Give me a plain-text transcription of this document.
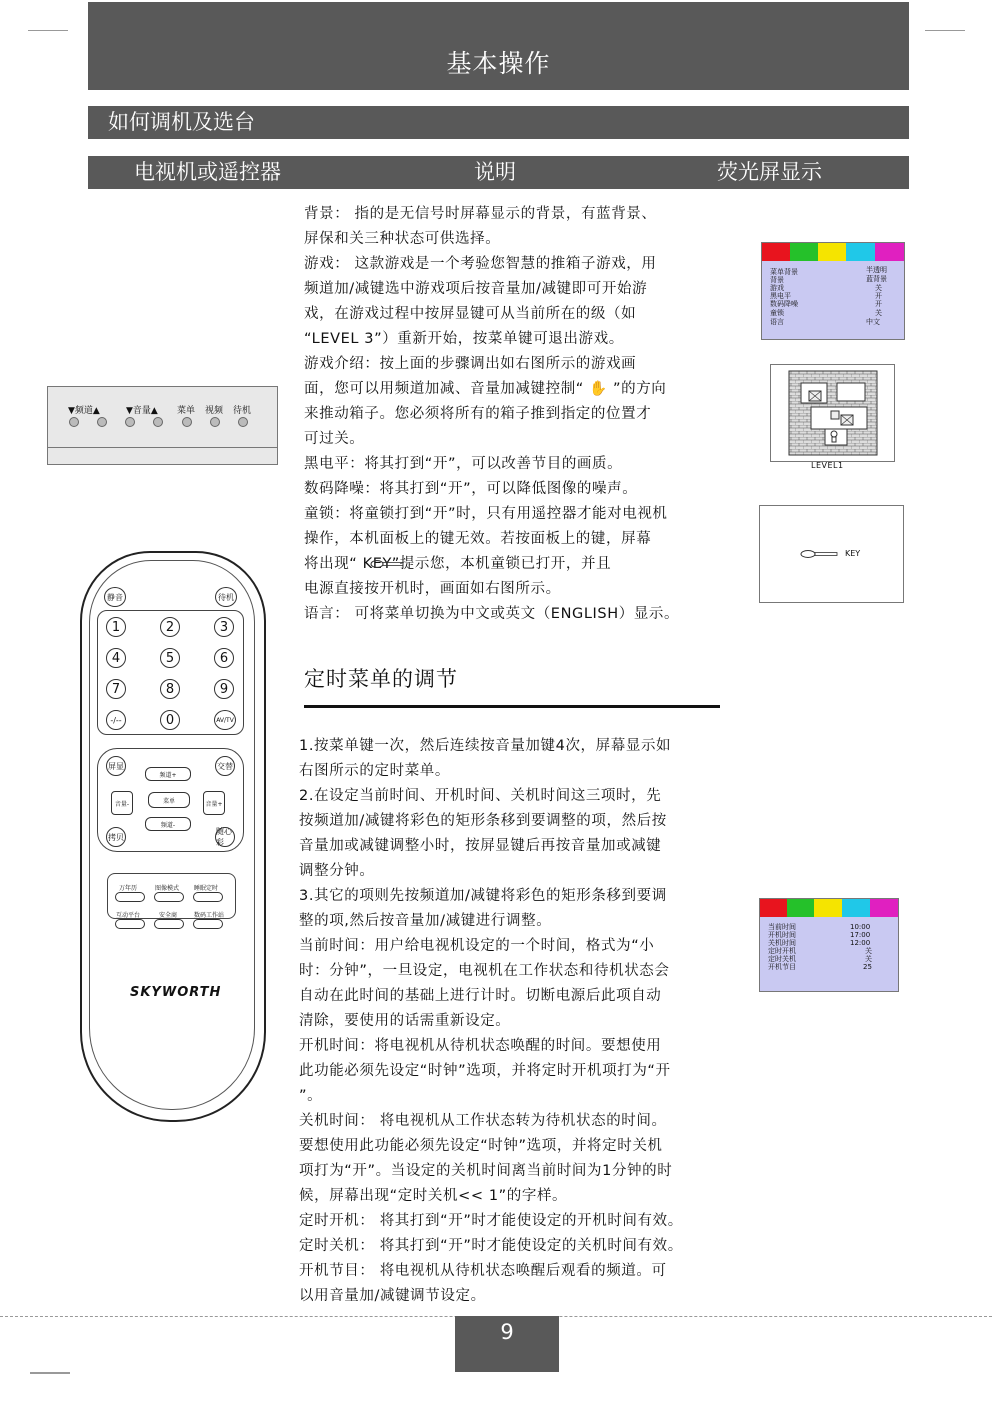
基本操作
如何调机及选台
电视机或遥控器	说明	荧光屏显示
▼频道▲	▼音量▲ 菜单 视频 待机
静音	待机
1	2	3
4	5	6
7	8	9
-/--	0	AV/TV
屏显	交替
频道+
音量-	菜单	音量+
频道-
拷贝
随心彩
万年历	图像模式 睡眠定时
互动平台	安全商	数码工作站
SKYWORTH
背景： 指的是无信号时屏幕显示的背景，有蓝背景、
屏保和关三种状态可供选择。
游戏： 这款游戏是一个考验您智慧的推箱子游戏，用
频道加/减键选中游戏项后按音量加/减键即可开始游
戏，在游戏过程中按屏显键可从当前所在的级（如
“LEVEL 3”）重新开始，按菜单键可退出游戏。
游戏介绍：按上面的步骤调出如右图所示的游戏画
面，您可以用频道加减、音量加减键控制“ ✋ ”的方向
来推动箱子。您必须将所有的箱子推到指定的位置才
可过关。
黑电平：将其打到“开”，可以改善节目的画质。
数码降噪：将其打到“开”，可以降低图像的噪声。
童锁：将童锁打到“开”时，只有用遥控器才能对电视机
操作，本机面板上的键无效。若按面板上的键，屏幕
将出现“ KEY”提示您，本机童锁已打开，并且
电源直接按开机时，画面如右图所示。
语言： 可将菜单切换为中文或英文（ENGLISH）显示。
定时菜单的调节
1.按菜单键一次，然后连续按音量加键4次，屏幕显示如
右图所示的定时菜单。
2.在设定当前时间、开机时间、关机时间这三项时，先
按频道加/减键将彩色的矩形条移到要调整的项，然后按
音量加或减键调整小时，按屏显键后再按音量加或减键
调整分钟。
3.其它的项则先按频道加/减键将彩色的矩形条移到要调
整的项,然后按音量加/减键进行调整。
当前时间：用户给电视机设定的一个时间，格式为“小
时：分钟”，一旦设定，电视机在工作状态和待机状态会
自动在此时间的基础上进行计时。切断电源后此项自动
清除，要使用的话需重新设定。
开机时间：将电视机从待机状态唤醒的时间。要想使用
此功能必须先设定“时钟”选项，并将定时开机项打为“开
”。
关机时间： 将电视机从工作状态转为待机状态的时间。
要想使用此功能必须先设定“时钟”选项，并将定时关机
项打为“开”。当设定的关机时间离当前时间为1分钟的时
候，屏幕出现“定时关机<< 1”的字样。
定时开机： 将其打到“开”时才能使设定的开机时间有效。
定时关机： 将其打到“开”时才能使设定的关机时间有效。
开机节目： 将电视机从待机状态唤醒后观看的频道。可
以用音量加/减键调节设定。
菜单背景	半透明
背景	蓝背景
游戏	关
黑电平	开
数码降噪	开
童锁	关
语言	中文
LEVEL1
KEY
当前时间	10:00
开机时间	17:00
关机时间	12:00
定时开机	关
定时关机	关
开机节目	25
9
